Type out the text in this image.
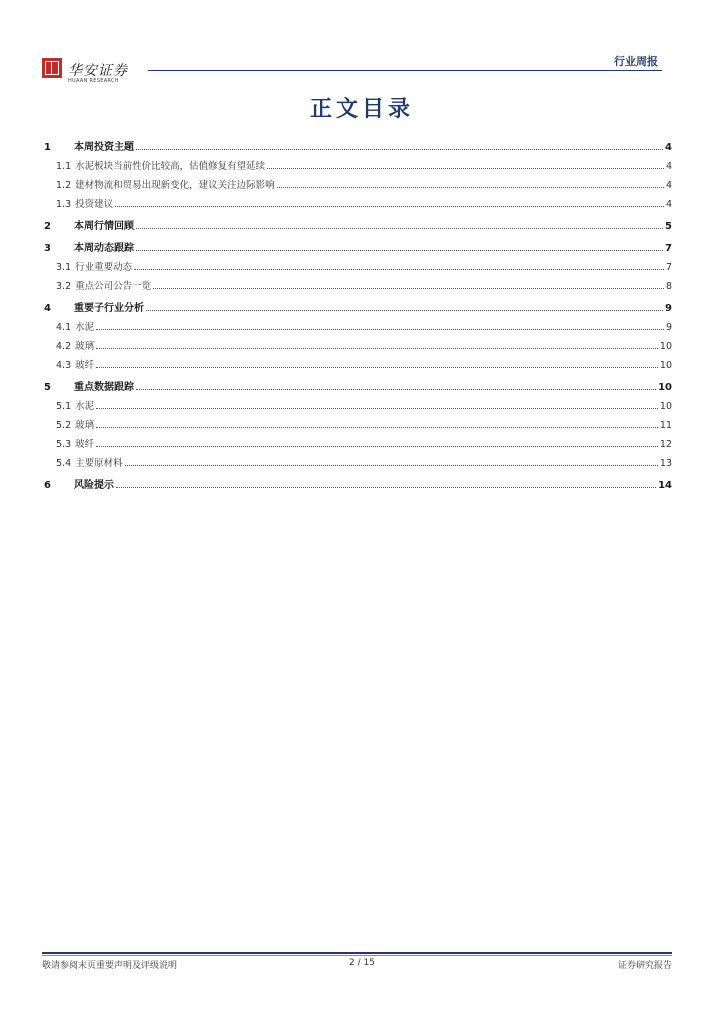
华安证券
HUAAN RESEARCH
行业周报
正文目录
1	本周投资主题	4
1.1 水泥板块当前性价比较高，估值修复有望延续	4
1.2 建材物流和贸易出现新变化，建议关注边际影响	4
1.3 投资建议	4
2	本周行情回顾	5
3	本周动态跟踪	7
3.1 行业重要动态	7
3.2 重点公司公告一览	8
4	重要子行业分析	9
4.1 水泥	9
4.2 玻璃	10
4.3 玻纤	10
5	重点数据跟踪	10
5.1 水泥	10
5.2 玻璃	11
5.3 玻纤	12
5.4 主要原材料	13
6	风险提示	14
敬请参阅末页重要声明及评级说明	2 / 15	证券研究报告
